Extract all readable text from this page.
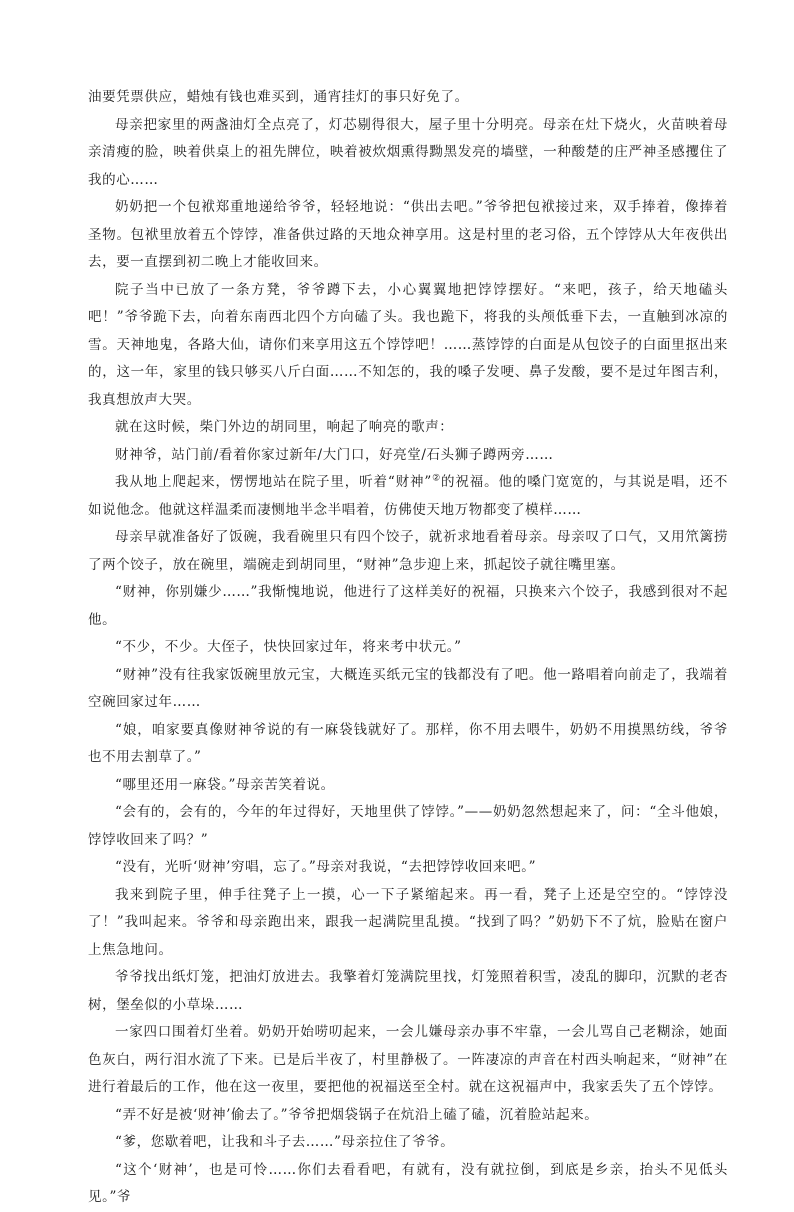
油要凭票供应，蜡烛有钱也难买到，通宵挂灯的事只好免了。

母亲把家里的两盏油灯全点亮了，灯芯剔得很大，屋子里十分明亮。母亲在灶下烧火，火苗映着母亲清瘦的脸，映着供桌上的祖先牌位，映着被炊烟熏得黝黑发亮的墙壁，一种酸楚的庄严神圣感攫住了我的心……

奶奶把一个包袱郑重地递给爷爷，轻轻地说：“供出去吧。”爷爷把包袱接过来，双手捧着，像捧着圣物。包袱里放着五个饽饽，准备供过路的天地众神享用。这是村里的老习俗，五个饽饽从大年夜供出去，要一直摆到初二晚上才能收回来。

院子当中已放了一条方凳，爷爷蹲下去，小心翼翼地把饽饽摆好。“来吧，孩子，给天地磕头吧！”爷爷跪下去，向着东南西北四个方向磕了头。我也跪下，将我的头颅低垂下去，一直触到冰凉的雪。天神地鬼，各路大仙，请你们来享用这五个饽饽吧！……蒸饽饽的白面是从包饺子的白面里抠出来的，这一年，家里的钱只够买八斤白面……不知怎的，我的嗓子发哽、鼻子发酸，要不是过年图吉利，我真想放声大哭。

就在这时候，柴门外边的胡同里，响起了响亮的歌声：

财神爷，站门前/看着你家过新年/大门口，好亮堂/石头狮子蹲两旁……

我从地上爬起来，愣愣地站在院子里，听着“财神”②的祝福。他的嗓门宽宽的，与其说是唱，还不如说他念。他就这样温柔而凄恻地半念半唱着，仿佛使天地万物都变了模样……

母亲早就准备好了饭碗，我看碗里只有四个饺子，就祈求地看着母亲。母亲叹了口气，又用笊篱捞了两个饺子，放在碗里，端碗走到胡同里，“财神”急步迎上来，抓起饺子就往嘴里塞。

“财神，你别嫌少……”我惭愧地说，他进行了这样美好的祝福，只换来六个饺子，我感到很对不起他。

“不少，不少。大侄子，快快回家过年，将来考中状元。”

“财神”没有往我家饭碗里放元宝，大概连买纸元宝的钱都没有了吧。他一路唱着向前走了，我端着空碗回家过年……

“娘，咱家要真像财神爷说的有一麻袋钱就好了。那样，你不用去喂牛，奶奶不用摸黑纺线，爷爷也不用去割草了。”

“哪里还用一麻袋。”母亲苦笑着说。

“会有的，会有的，今年的年过得好，天地里供了饽饽。”——奶奶忽然想起来了，问：“全斗他娘，饽饽收回来了吗？”

“没有，光听‘财神’穷唱，忘了。”母亲对我说，“去把饽饽收回来吧。”

我来到院子里，伸手往凳子上一摸，心一下子紧缩起来。再一看，凳子上还是空空的。“饽饽没了！”我叫起来。爷爷和母亲跑出来，跟我一起满院里乱摸。“找到了吗？”奶奶下不了炕，脸贴在窗户上焦急地问。

爷爷找出纸灯笼，把油灯放进去。我擎着灯笼满院里找，灯笼照着积雪，凌乱的脚印，沉默的老杏树，堡垒似的小草垛……

一家四口围着灯坐着。奶奶开始唠叨起来，一会儿嫌母亲办事不牢靠，一会儿骂自己老糊涂，她面色灰白，两行泪水流了下来。已是后半夜了，村里静极了。一阵凄凉的声音在村西头响起来，“财神”在进行着最后的工作，他在这一夜里，要把他的祝福送至全村。就在这祝福声中，我家丢失了五个饽饽。

“弄不好是被‘财神’偷去了。”爷爷把烟袋锅子在炕沿上磕了磕，沉着脸站起来。

“爹，您歇着吧，让我和斗子去……”母亲拉住了爷爷。

“这个‘财神’，也是可怜……你们去看看吧，有就有，没有就拉倒，到底是乡亲，抬头不见低头见。”爷
